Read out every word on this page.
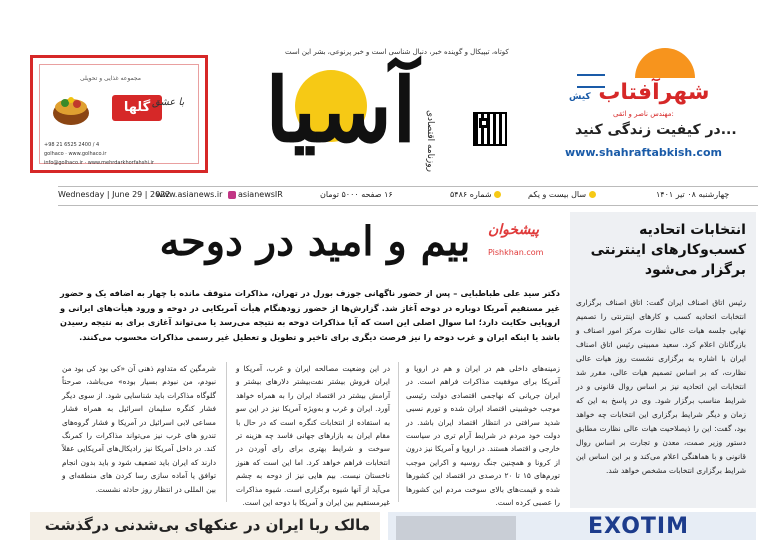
مجموعه غذایی و تحویلی
گلها با عشق
+98 21 6525 2400 / 4
golhaco · www.golhaco.ir
info@golhaco.ir · www.mehrdarkhorfahshi.ir
کوتاه، تیپیکال و گوینده خبر، دنبال شناسی است و خبر پرنوعی، بشر این است
آسیا روزنامه اقتصادی
شهرآفتاب کیش
مهندس ناصر و اثقی:
در کیفیت زندگی کنید...
www.shahraftabkish.com
Wednesday | June 29 | 2022
www.asianews.ir	asianewsIR	۱۶ صفحه ۵۰۰۰ تومان	شماره ۵۴۸۶	سال بیست و یکم	چهارشنبه ۰۸ تیر ۱۴۰۱
انتخابات اتحادیه کسب‌وکارهای اینترنتی برگزار می‌شود
رئیس اتاق اصناف ایران گفت: اتاق اصناف برگزاری انتخابات اتحادیه کسب و کارهای اینترنتی را تصمیم نهایی جلسه هیات عالی نظارت مرکز امور اصناف و بازرگانان اعلام کرد. سعید ممبینی رئیس اتاق اصناف ایران با اشاره به برگزاری نشست روز هیات عالی نظارت، که بر اساس تصمیم هیات عالی، مقرر شد انتخابات این اتحادیه نیز بر اساس روال قانونی و در شرایط مناسب برگزار شود. وی در پاسخ به این که زمان و دیگر شرایط برگزاری این انتخابات چه خواهد بود، گفت: این را ذیصلاحیت هیات عالی نظارت مطابق دستور وزیر صمت، معدن و تجارت بر اساس روال قانونی و با هماهنگی اعلام می‌کند و بر این اساس این شرایط برگزاری انتخابات مشخص خواهد شد.
بیم و امید در دوحه	پیشخوان
Pishkhan.com
دکتر سید علی طباطبایی – پس از حضور ناگهانی جوزف بورل در تهران، مذاکرات متوقف مانده با چهار به اضافه یک و حضور غیر مستقیم آمریکا دوباره در دوحه آغاز شد. گزارش‌ها از حضور زودهنگام هیأت آمریکایی در دوحه و ورود هیأت‌های ایرانی و اروپایی حکایت دارد؛ اما سوال اصلی این است که آیا مذاکرات دوحه به نتیجه می‌رسد یا می‌تواند آغازی برای به نتیجه رسیدن باشد یا اینکه ایران و غرب دوحه را نیز فرصت دیگری برای تاخیر و تطویل و تعطیل غیر رسمی مذاکرات محسوب می‌کنند.
زمینه‌های داخلی هم در ایران و هم در اروپا و آمریکا برای موفقیت مذاکرات فراهم است. در ایران جریانی که نهاجمی اقتصادی دولت رئیسی موجب خوشبینی اقتصاد ایران شده و تورم نسبی شدید سرافتی در انتظار اقتصاد ایران باشد. در دولت خود مردم در شرایط آرام تری در سیاست خارجی و اقتصاد هستند. در اروپا و آمریکا نیز درون از کرونا و همچنین جنگ روسیه و اکراین موجب تورم‌های ۱۵ تا ۲۰ درصدی در اقتصاد این کشورها شده و قیمت‌های بالای سوخت مردم این کشورها را عصبی کرده است.
در این وضعیت مصالحه ایران و غرب، آمریکا و ایران فروش بیشتر نفت‌بیشتر دلارهای بیشتر و آرامش بیشتر در اقتصاد ایران را به‌ همراه خواهد آورد. ایران و غرب و به‌ویژه آمریکا نیز در این سو به استفاده از انتخابات کنگره است که در حال با مقام ایران به بازارهای جهانی فاسد چه هزینه تر سوخت و شرایط بهتری برای رای آوردن در انتخابات فراهم خواهد کرد. اما این است که هنوز ناخستان نیست. بیم هایی نیز از دوحه به چشم می‌آید از آنها شیوه برگزاری است. شیوه مذاکرات غیرمستقیم بین ایران و آمریکا با دوحه این است.
شرمگین که متداوم ذهنی آن «کی بود کی بود من نبودم، من نبودم بسیار بوده» می‌باشد، صرحتاً گلوگاه مذاکرات باید شناسایی شود. از سوی دیگر فشار کنگره سلیمان اسرائیل به همراه فشار مساعی لابی اسرائیل در آمریکا و فشار گروه‌های تندرو های غرب نیز می‌تواند مذاکرات را کمرنگ کند. در داخل آمریکا نیز رادیکال‌های آمریکایی عقلاً دارند که ایران باید تضعیف شود و باید بدون انجام توافق یا آماده سازی رسا کردن های منطقه‌ای و بین المللی در انتظار روز حادثه نشست.
مالک ربا ایران در عنکهای بی‌شدنی درگذشت	EXOTIM
